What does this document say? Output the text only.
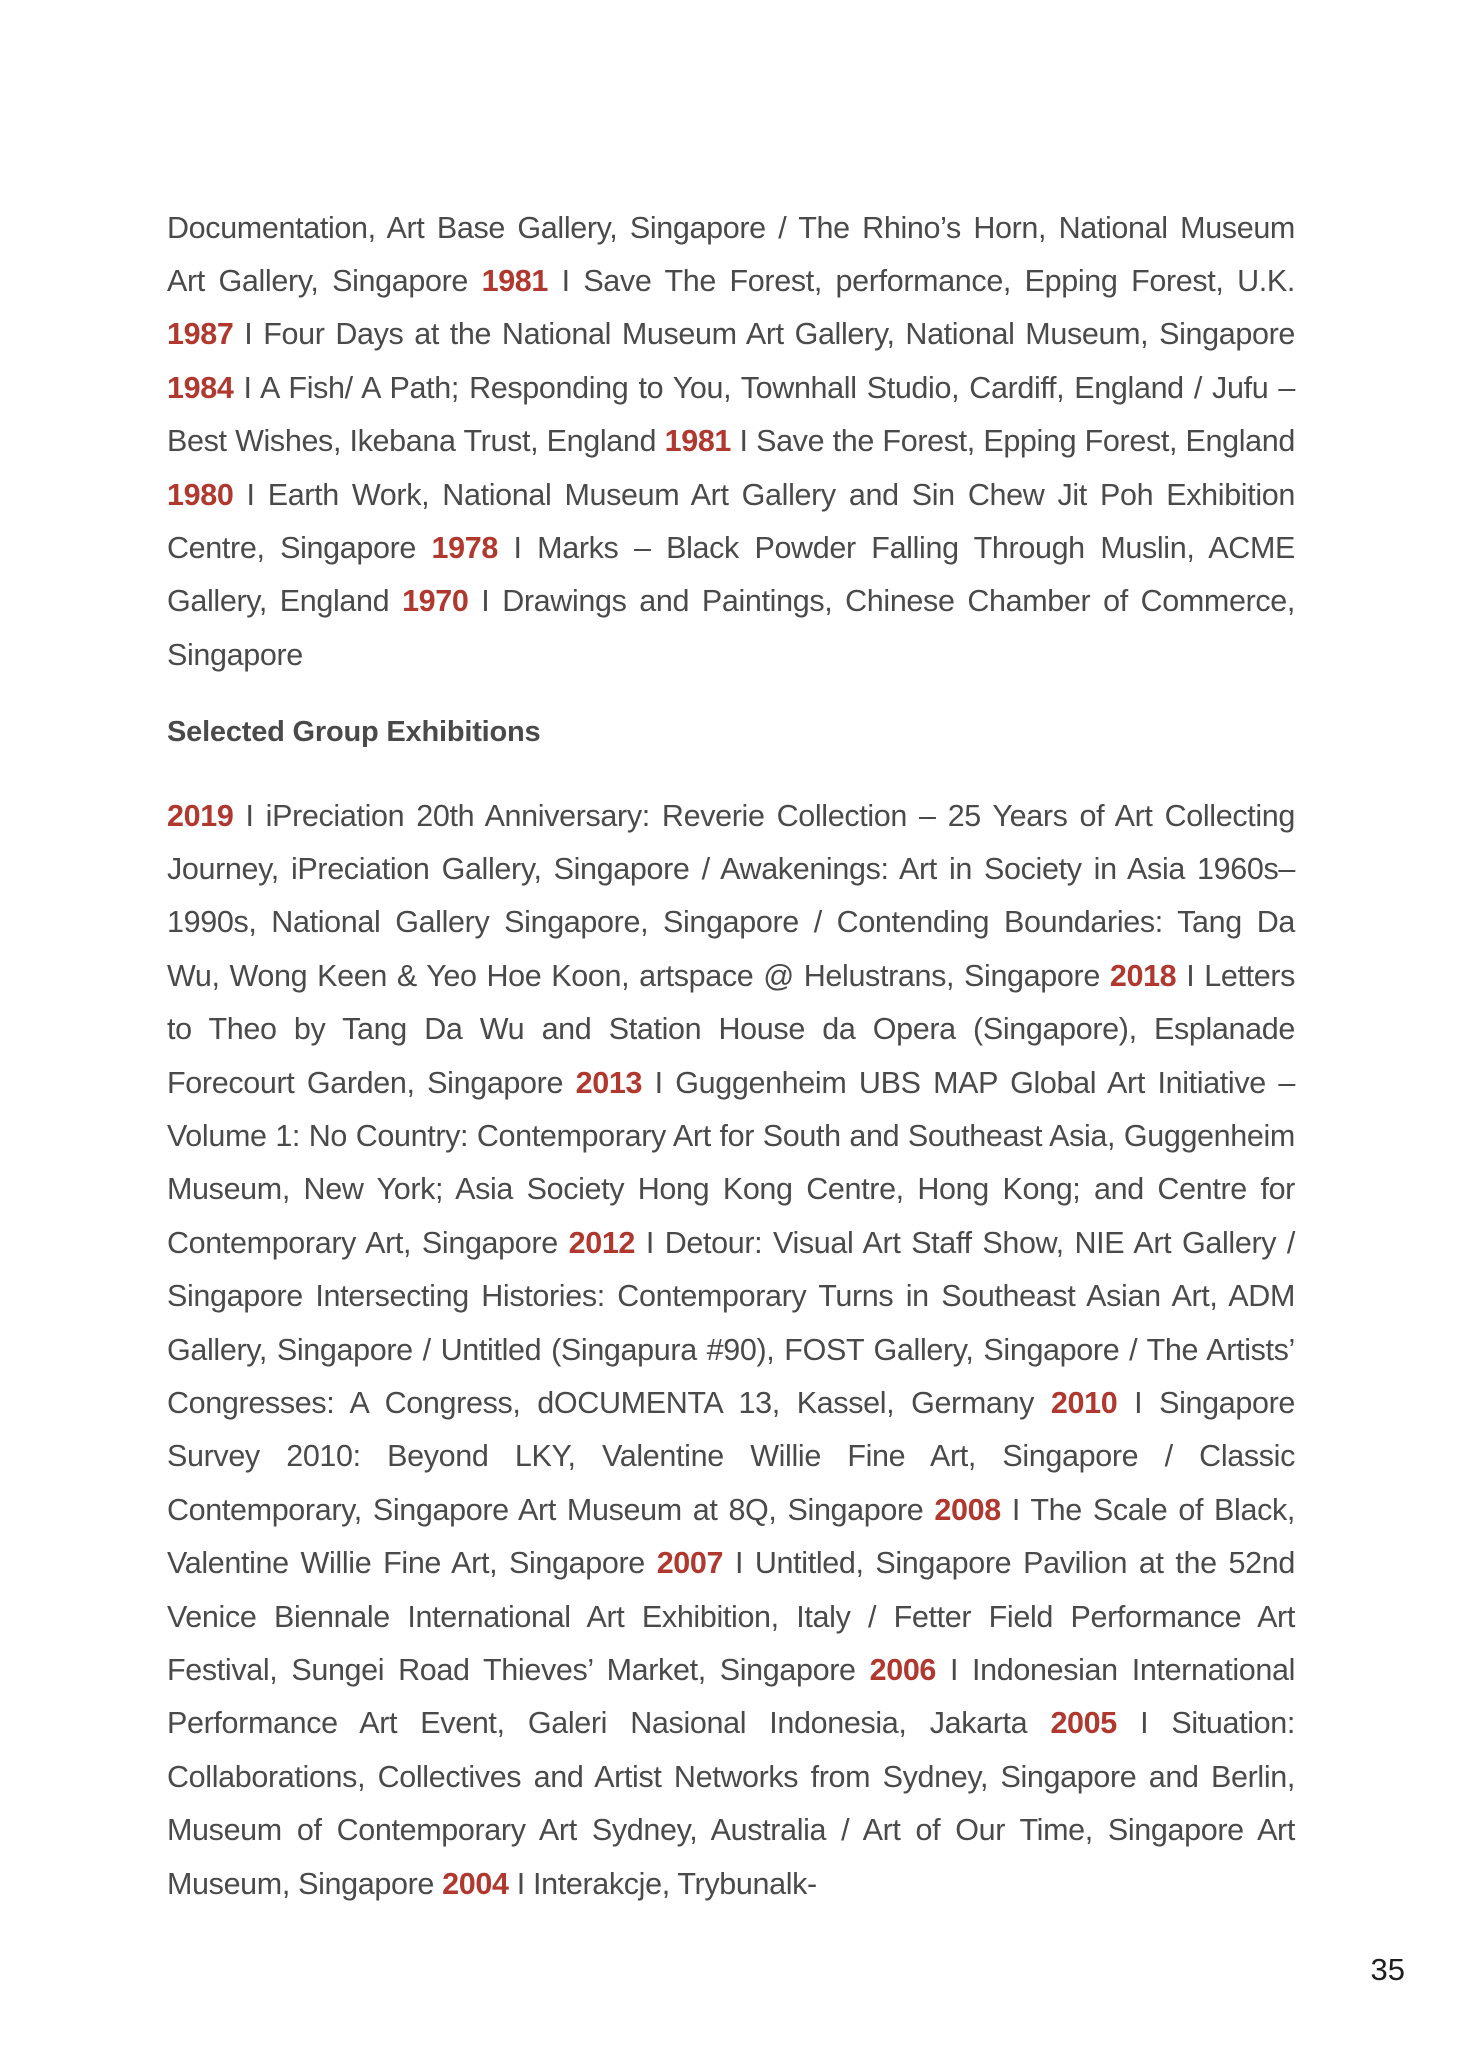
Documentation, Art Base Gallery, Singapore / The Rhino’s Horn, National Museum Art Gallery, Singapore 1981 I Save The Forest, performance, Epping Forest, U.K. 1987 I Four Days at the National Museum Art Gallery, National Museum, Singapore 1984 I A Fish/ A Path; Responding to You, Townhall Studio, Cardiff, England / Jufu – Best Wishes, Ikebana Trust, England 1981 I Save the Forest, Epping Forest, England 1980 I Earth Work, National Museum Art Gallery and Sin Chew Jit Poh Exhibition Centre, Singapore 1978 I Marks – Black Powder Falling Through Muslin, ACME Gallery, England 1970 I Drawings and Paintings, Chinese Chamber of Commerce, Singapore

Selected Group Exhibitions

2019 I iPreciation 20th Anniversary: Reverie Collection – 25 Years of Art Collecting Journey, iPreciation Gallery, Singapore / Awakenings: Art in Society in Asia 1960s–1990s, National Gallery Singapore, Singapore / Contending Boundaries: Tang Da Wu, Wong Keen & Yeo Hoe Koon, artspace @ Helustrans, Singapore 2018 I Letters to Theo by Tang Da Wu and Station House da Opera (Singapore), Esplanade Forecourt Garden, Singapore 2013 I Guggenheim UBS MAP Global Art Initiative – Volume 1: No Country: Contemporary Art for South and Southeast Asia, Guggenheim Museum, New York; Asia Society Hong Kong Centre, Hong Kong; and Centre for Contemporary Art, Singapore 2012 I Detour: Visual Art Staff Show, NIE Art Gallery / Singapore Intersecting Histories: Contemporary Turns in Southeast Asian Art, ADM Gallery, Singapore / Untitled (Singapura #90), FOST Gallery, Singapore / The Artists’ Congresses: A Congress, dOCUMENTA 13, Kassel, Germany 2010 I Singapore Survey 2010: Beyond LKY, Valentine Willie Fine Art, Singapore / Classic Contemporary, Singapore Art Museum at 8Q, Singapore 2008 I The Scale of Black, Valentine Willie Fine Art, Singapore 2007 I Untitled, Singapore Pavilion at the 52nd Venice Biennale International Art Exhibition, Italy / Fetter Field Performance Art Festival, Sungei Road Thieves’ Market, Singapore 2006 I Indonesian International Performance Art Event, Galeri Nasional Indonesia, Jakarta 2005 I Situation: Collaborations, Collectives and Artist Networks from Sydney, Singapore and Berlin, Museum of Contemporary Art Sydney, Australia / Art of Our Time, Singapore Art Museum, Singapore 2004 I Interakcje, Trybunalk-

35
